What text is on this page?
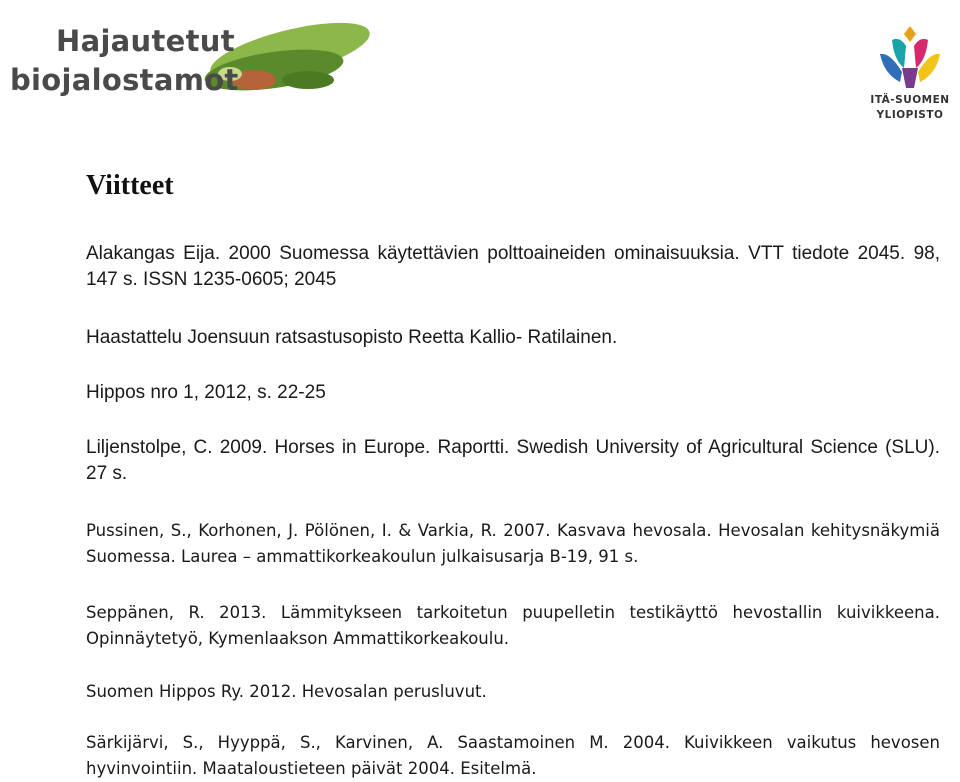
Hajautetut
biojalostamot
ITÄ-SUOMEN
YLIOPISTO
Viitteet

Alakangas Eija. 2000 Suomessa käytettävien polttoaineiden ominaisuuksia. VTT tiedote 2045. 98, 147 s. ISSN 1235-0605; 2045

Haastattelu Joensuun ratsastusopisto Reetta Kallio- Ratilainen.

Hippos nro 1, 2012, s. 22-25

Liljenstolpe, C. 2009. Horses in Europe. Raportti. Swedish University of Agricultural Science (SLU). 27 s.

Pussinen, S., Korhonen, J. Pölönen, I. & Varkia, R. 2007. Kasvava hevosala. Hevosalan kehitysnäkymiä Suomessa. Laurea – ammattikorkeakoulun julkaisusarja B-19, 91 s.

Seppänen, R. 2013. Lämmitykseen tarkoitetun puupelletin testikäyttö hevostallin kuivikkeena. Opinnäytetyö, Kymenlaakson Ammattikorkeakoulu.

Suomen Hippos Ry. 2012. Hevosalan perusluvut.

Särkijärvi, S., Hyyppä, S., Karvinen, A. Saastamoinen M. 2004. Kuivikkeen vaikutus hevosen hyvinvointiin. Maataloustieteen päivät 2004. Esitelmä.
